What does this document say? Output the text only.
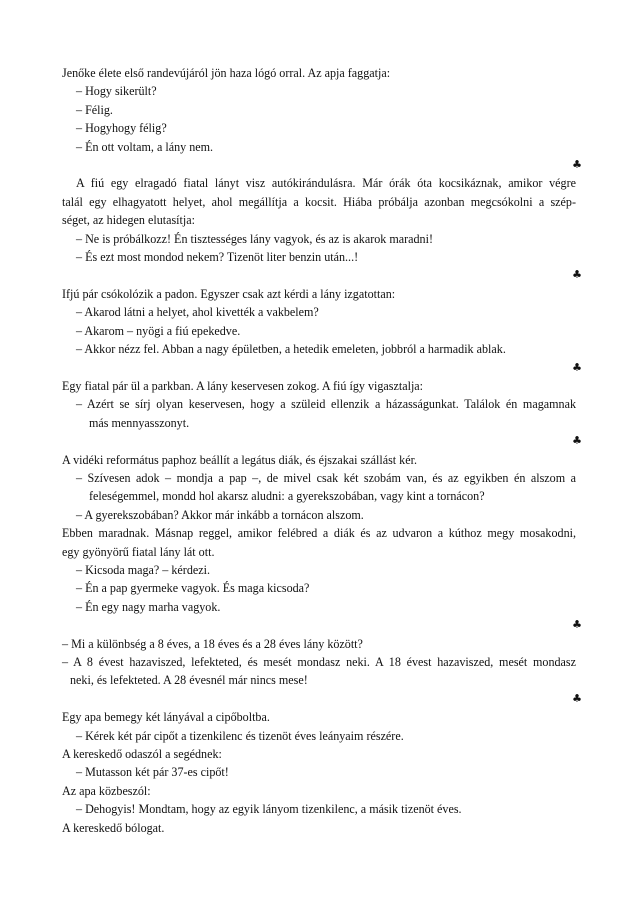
Jenőke élete első randevújáról jön haza lógó orral. Az apja faggatja:

– Hogy sikerült?

– Félig.

– Hogyhogy félig?

– Én ott voltam, a lány nem.

♣

A fiú egy elragadó fiatal lányt visz autókirándulásra. Már órák óta kocsikáznak, amikor végre

talál egy elhagyatott helyet, ahol megállítja a kocsit. Hiába próbálja azonban megcsókolni a szép-

séget, az hidegen elutasítja:

– Ne is próbálkozz! Én tisztességes lány vagyok, és az is akarok maradni!

– És ezt most mondod nekem? Tizenöt liter benzin után...!

♣

Ifjú pár csókolózik a padon. Egyszer csak azt kérdi a lány izgatottan:

– Akarod látni a helyet, ahol kivették a vakbelem?

– Akarom – nyögi a fiú epekedve.

– Akkor nézz fel. Abban a nagy épületben, a hetedik emeleten, jobbról a harmadik ablak.

♣

Egy fiatal pár ül a parkban. A lány keservesen zokog. A fiú így vigasztalja:

– Azért se sírj olyan keservesen, hogy a szüleid ellenzik a házasságunkat. Találok én magamnak

más mennyasszonyt.

♣

A vidéki református paphoz beállít a legátus diák, és éjszakai szállást kér.

– Szívesen adok – mondja a pap –, de mivel csak két szobám van, és az egyikben én alszom a

feleségemmel, mondd hol akarsz aludni: a gyerekszobában, vagy kint a tornácon?

– A gyerekszobában? Akkor már inkább a tornácon alszom.

Ebben maradnak. Másnap reggel, amikor felébred a diák és az udvaron a kúthoz megy mosakodni,

egy gyönyörű fiatal lány lát ott.

– Kicsoda maga? – kérdezi.

– Én a pap gyermeke vagyok. És maga kicsoda?

– Én egy nagy marha vagyok.

♣

– Mi a különbség a 8 éves, a 18 éves és a 28 éves lány között?

– A 8 évest hazaviszed, lefekteted, és mesét mondasz neki. A 18 évest hazaviszed, mesét mondasz

neki, és lefekteted. A 28 évesnél már nincs mese!

♣

Egy apa bemegy két lányával a cipőboltba.

– Kérek két pár cipőt a tizenkilenc és tizenöt éves leányaim részére.

A kereskedő odaszól a segédnek:

– Mutasson két pár 37-es cipőt!

Az apa közbeszól:

– Dehogyis! Mondtam, hogy az egyik lányom tizenkilenc, a másik tizenöt éves.

A kereskedő bólogat.
